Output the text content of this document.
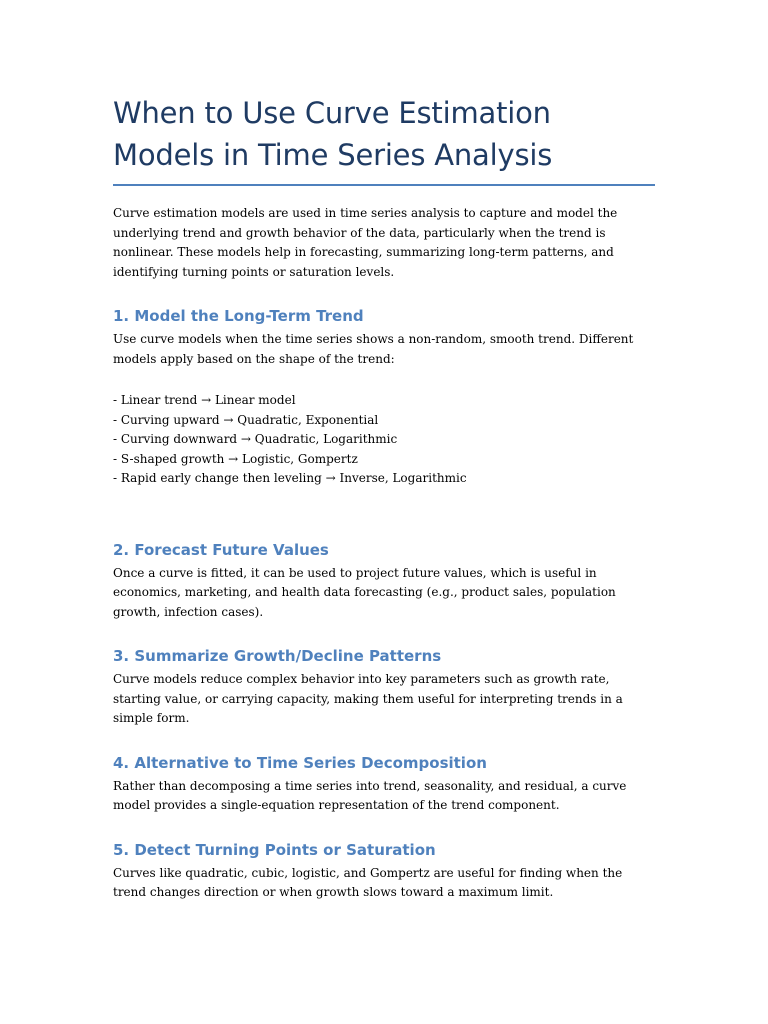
When to Use Curve Estimation Models in Time Series Analysis

Curve estimation models are used in time series analysis to capture and model the underlying trend and growth behavior of the data, particularly when the trend is nonlinear. These models help in forecasting, summarizing long-term patterns, and identifying turning points or saturation levels.

1. Model the Long-Term Trend

Use curve models when the time series shows a non-random, smooth trend. Different models apply based on the shape of the trend:

- Linear trend → Linear model
- Curving upward → Quadratic, Exponential
- Curving downward → Quadratic, Logarithmic
- S-shaped growth → Logistic, Gompertz
- Rapid early change then leveling → Inverse, Logarithmic
2. Forecast Future Values

Once a curve is fitted, it can be used to project future values, which is useful in economics, marketing, and health data forecasting (e.g., product sales, population growth, infection cases).

3. Summarize Growth/Decline Patterns

Curve models reduce complex behavior into key parameters such as growth rate, starting value, or carrying capacity, making them useful for interpreting trends in a simple form.

4. Alternative to Time Series Decomposition

Rather than decomposing a time series into trend, seasonality, and residual, a curve model provides a single-equation representation of the trend component.

5. Detect Turning Points or Saturation

Curves like quadratic, cubic, logistic, and Gompertz are useful for finding when the trend changes direction or when growth slows toward a maximum limit.
